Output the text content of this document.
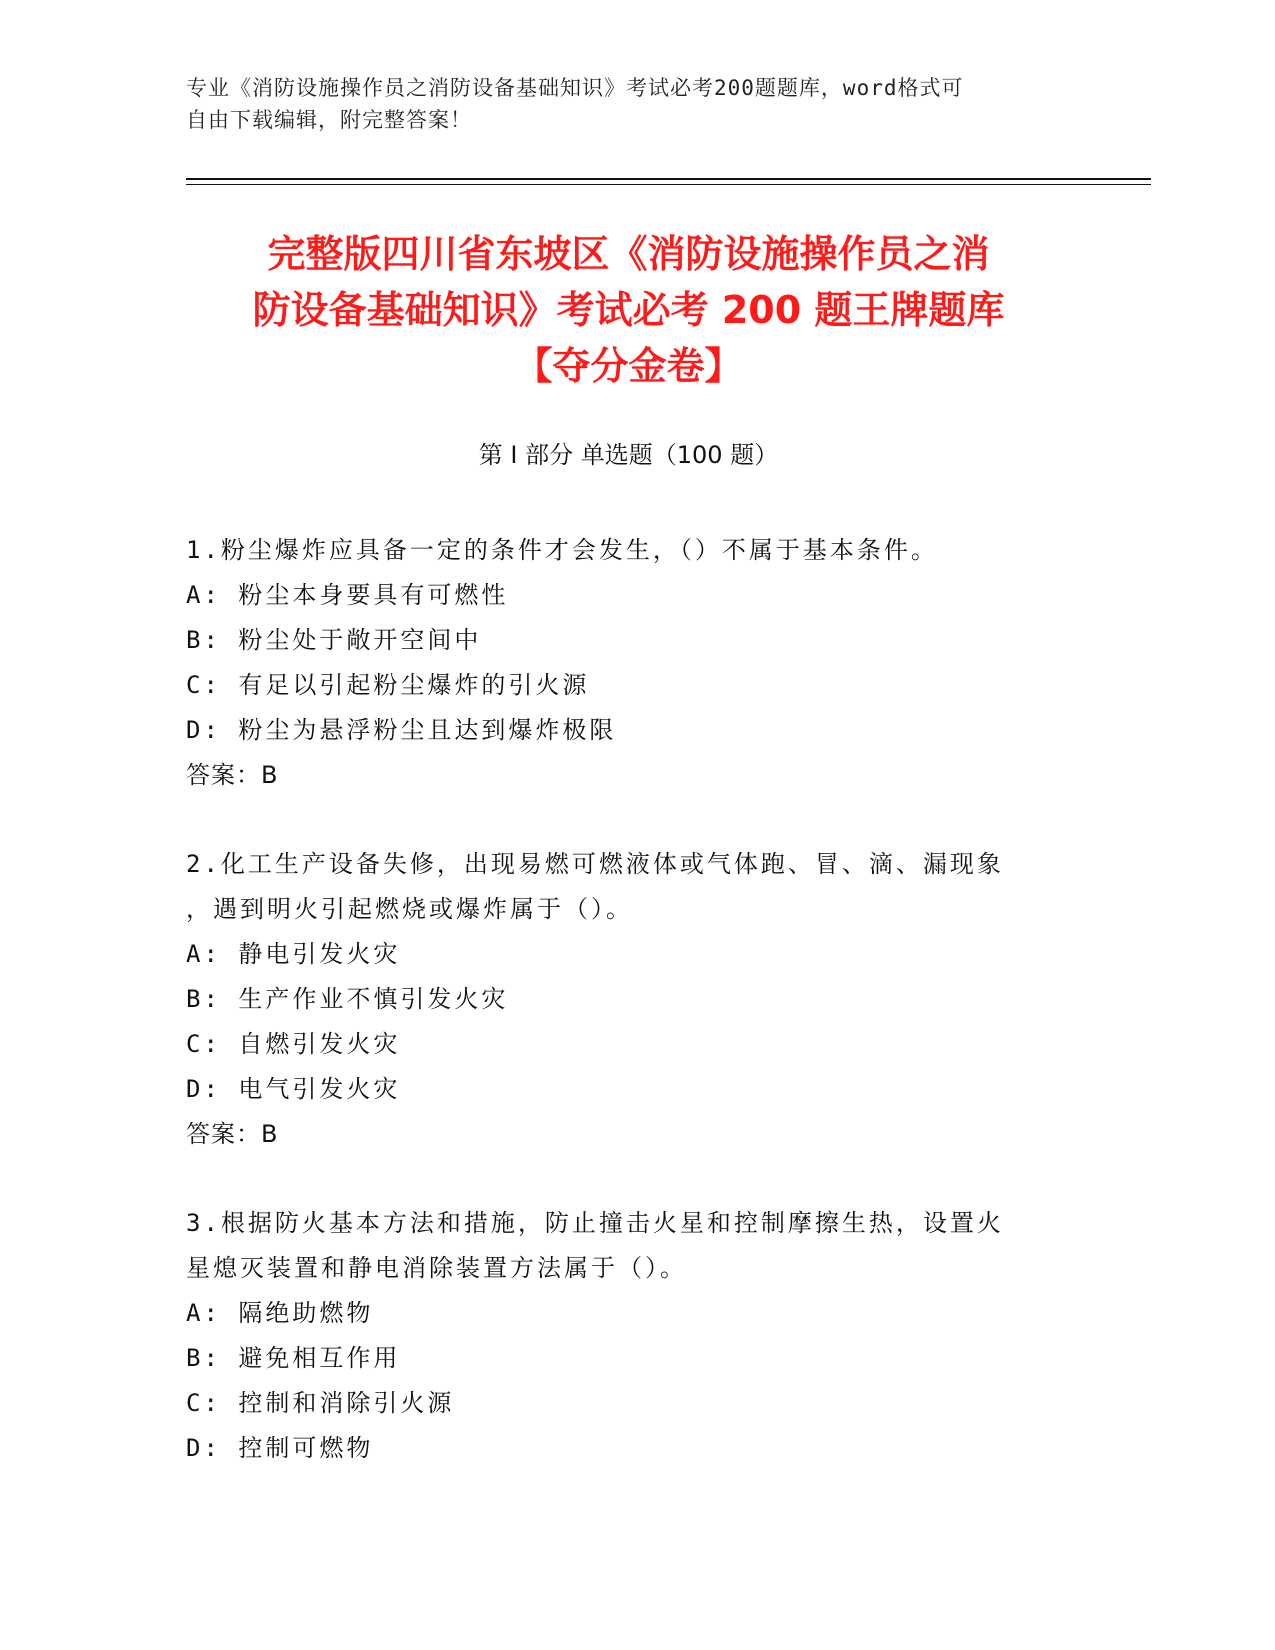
专业《消防设施操作员之消防设备基础知识》考试必考200题题库，word格式可
自由下载编辑，附完整答案！
完整版四川省东坡区《消防设施操作员之消
防设备基础知识》考试必考 200 题王牌题库
【夺分金卷】
第 I 部分 单选题（100 题）
1.粉尘爆炸应具备一定的条件才会发生，（）不属于基本条件。
A: 粉尘本身要具有可燃性
B: 粉尘处于敞开空间中
C: 有足以引起粉尘爆炸的引火源
D: 粉尘为悬浮粉尘且达到爆炸极限
答案：B
2.化工生产设备失修，出现易燃可燃液体或气体跑、冒、滴、漏现象
，遇到明火引起燃烧或爆炸属于（）。
A: 静电引发火灾
B: 生产作业不慎引发火灾
C: 自燃引发火灾
D: 电气引发火灾
答案：B
3.根据防火基本方法和措施，防止撞击火星和控制摩擦生热，设置火
星熄灭装置和静电消除装置方法属于（）。
A: 隔绝助燃物
B: 避免相互作用
C: 控制和消除引火源
D: 控制可燃物
